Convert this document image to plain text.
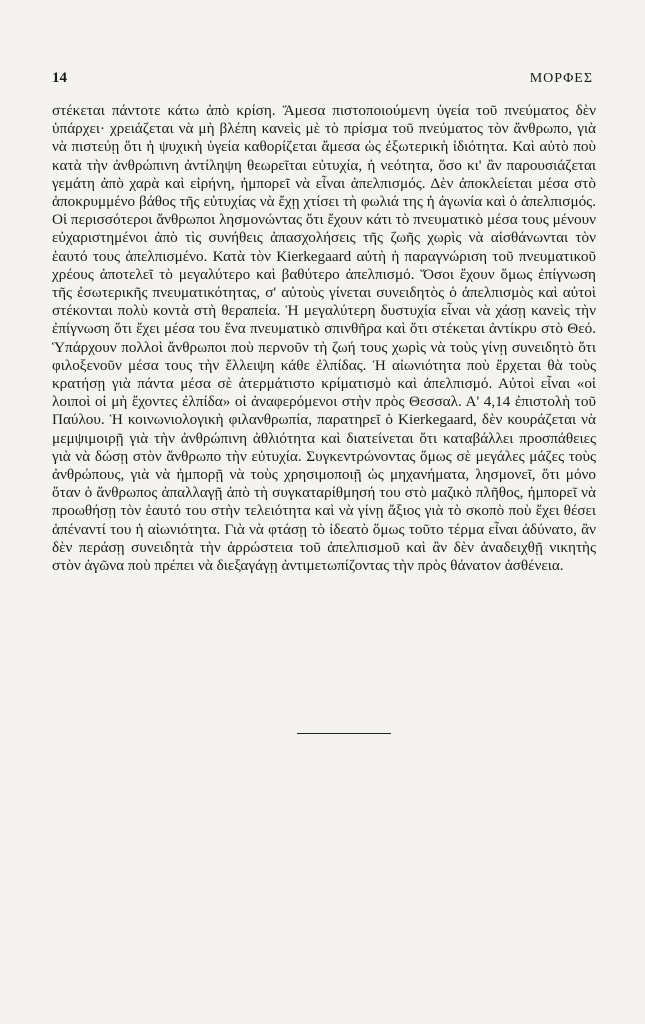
14	ΜΟΡΦΕΣ

στέκεται πάντοτε κάτω ἀπὸ κρίση. Ἄμεσα πιστοποιούμενη ὑγεία τοῦ πνεύματος δὲν ὑπάρχει· χρειάζεται νὰ μὴ βλέπη κανεὶς μὲ τὸ πρίσμα τοῦ πνεύματος τὸν ἄνθρωπο, γιὰ νὰ πιστεύῃ ὅτι ἡ ψυχικὴ ὑγεία καθορίζεται ἄμεσα ὡς ἐξωτερικὴ ἰδιότητα. Καὶ αὐτὸ ποὺ κατὰ τὴν ἀνθρώπινη ἀντίληψη θεωρεῖται εὐτυχία, ἡ νεότητα, ὅσο κι' ἂν παρουσιάζεται γεμάτη ἀπὸ χαρὰ καὶ εἰρήνη, ἠμπορεῖ νὰ εἶναι ἀπελπισμός. Δὲν ἀποκλείεται μέσα στὸ ἀποκρυμμένο βάθος τῆς εὐτυχίας νὰ ἔχῃ χτίσει τὴ φωλιά της ἡ ἀγωνία καὶ ὁ ἀπελπισμός. Οἱ περισσότεροι ἄνθρωποι λησμονώντας ὅτι ἔχουν κάτι τὸ πνευματικὸ μέσα τους μένουν εὐχαριστημένοι ἀπὸ τὶς συνήθεις ἀπασχολήσεις τῆς ζωῆς χωρὶς νὰ αἰσθάνωνται τὸν ἑαυτό τους ἀπελπισμένο. Κατὰ τὸν Kierkegaard αὐτὴ ἡ παραγνώριση τοῦ πνευματικοῦ χρέους ἀποτελεῖ τὸ μεγαλύτερο καὶ βαθύτερο ἀπελπισμό. Ὅσοι ἔχουν ὅμως ἐπίγνωση τῆς ἐσωτερικῆς πνευματικότητας, σ' αὐτοὺς γίνεται συνειδητὸς ὁ ἀπελπισμὸς καὶ αὐτοὶ στέκονται πολὺ κοντὰ στὴ θεραπεία. Ἡ μεγαλύτερη δυστυχία εἶναι νὰ χάσῃ κανεὶς τὴν ἐπίγνωση ὅτι ἔχει μέσα του ἕνα πνευματικὸ σπινθῆρα καὶ ὅτι στέκεται ἀντίκρυ στὸ Θεό. Ὑπάρχουν πολλοὶ ἄνθρωποι ποὺ περνοῦν τὴ ζωή τους χωρὶς νὰ τοὺς γίνῃ συνειδητὸ ὅτι φιλοξενοῦν μέσα τους τὴν ἔλλειψη κάθε ἐλπίδας. Ἡ αἰωνιότητα ποὺ ἔρχεται θὰ τοὺς κρατήσῃ γιὰ πάντα μέσα σὲ ἀτερμάτιστο κρίματισμὸ καὶ ἀπελπισμό. Αὐτοὶ εἶναι «οἱ λοιποὶ οἱ μὴ ἔχοντες ἐλπίδα» οἱ ἀναφερόμενοι στὴν πρὸς Θεσσαλ. Α' 4,14 ἐπιστολὴ τοῦ Παύλου. Ἡ κοινωνιολογικὴ φιλανθρωπία, παρατηρεῖ ὁ Kierkegaard, δὲν κουράζεται νὰ μεμψιμοιρῇ γιὰ τὴν ἀνθρώπινη ἀθλιότητα καὶ διατείνεται ὅτι καταβάλλει προσπάθειες γιὰ νὰ δώσῃ στὸν ἄνθρωπο τὴν εὐτυχία. Συγκεντρώνοντας ὅμως σὲ μεγάλες μάζες τοὺς ἀνθρώπους, γιὰ νὰ ἠμπορῇ νὰ τοὺς χρησιμοποιῇ ὡς μηχανήματα, λησμονεῖ, ὅτι μόνο ὅταν ὁ ἄνθρωπος ἀπαλλαγῇ ἀπὸ τὴ συγκαταρίθμησή του στὸ μαζικὸ πλῆθος, ἠμπορεῖ νὰ προωθήσῃ τὸν ἑαυτό του στὴν τελειότητα καὶ νὰ γίνῃ ἄξιος γιὰ τὸ σκοπὸ ποὺ ἔχει θέσει ἀπέναντί του ἡ αἰωνιότητα. Γιὰ νὰ φτάσῃ τὸ ἰδεατὸ ὅμως τοῦτο τέρμα εἶναι ἀδύνατο, ἂν δὲν περάσῃ συνειδητὰ τὴν ἀρρώστεια τοῦ ἀπελπισμοῦ καὶ ἂν δὲν ἀναδειχθῇ νικητὴς στὸν ἀγῶνα ποὺ πρέπει νὰ διεξαγάγῃ ἀντιμετωπίζοντας τὴν πρὸς θάνατον ἀσθένεια.
